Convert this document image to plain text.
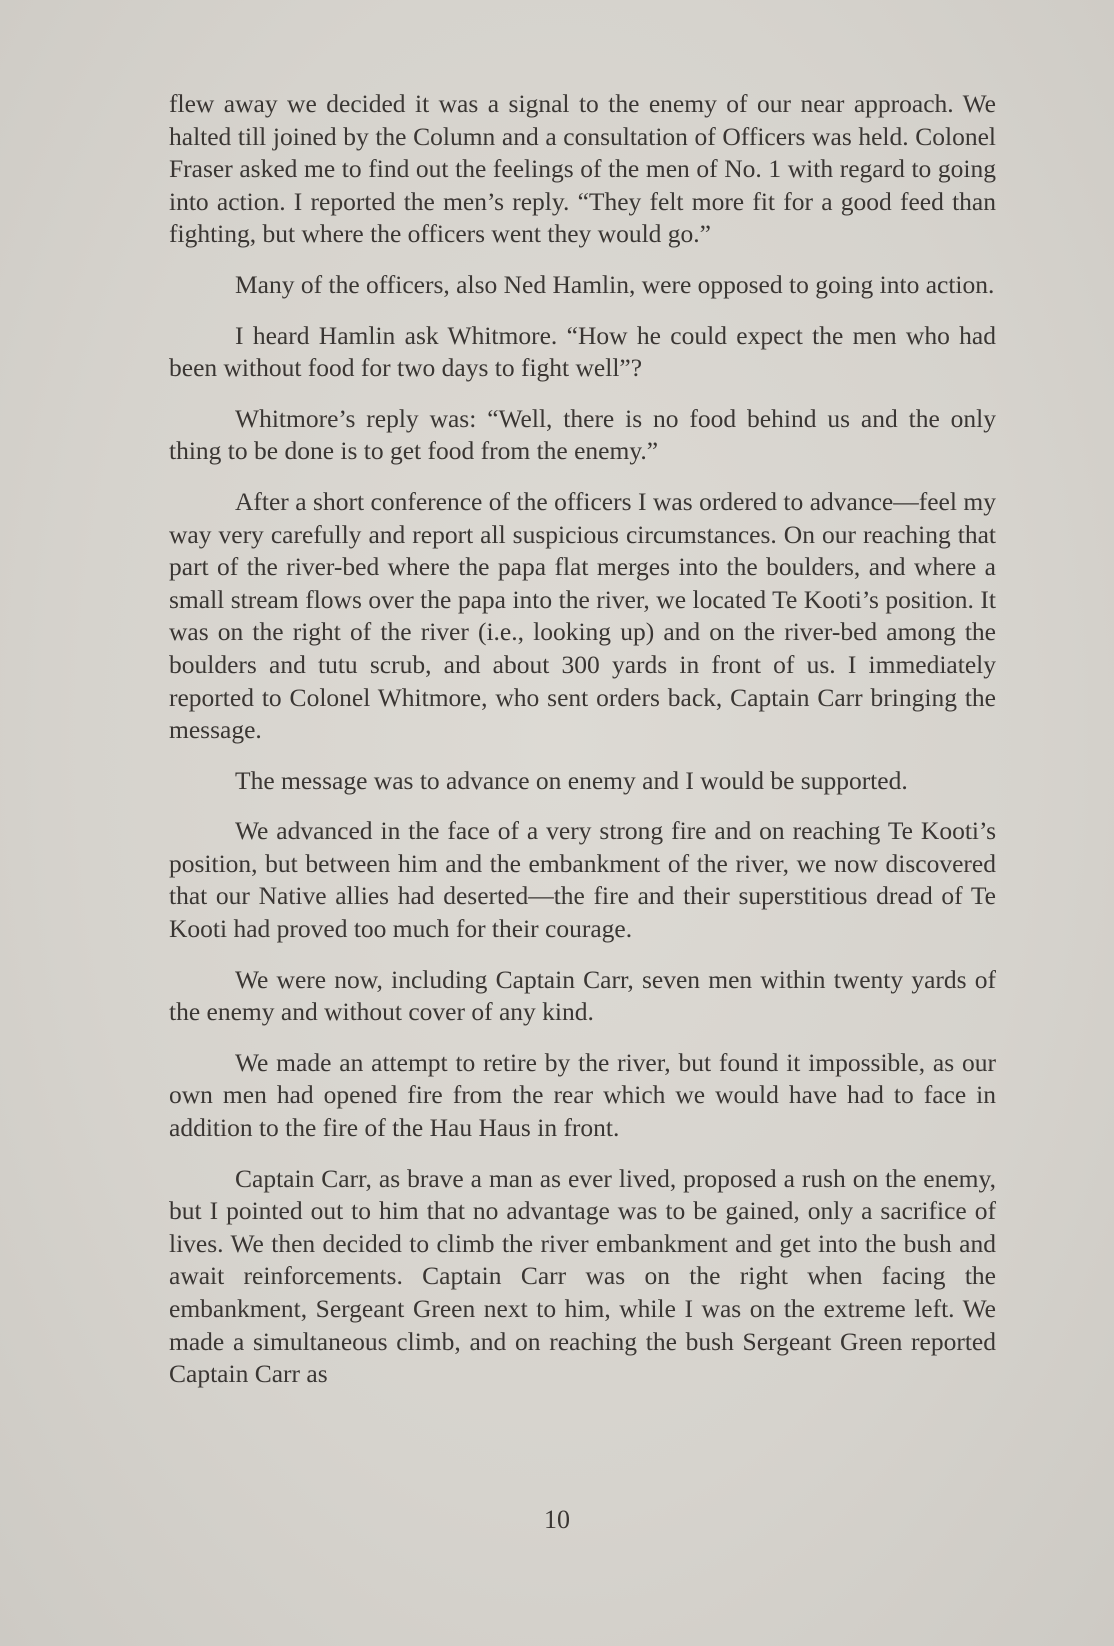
flew away we decided it was a signal to the enemy of our near approach. We halted till joined by the Column and a consultation of Officers was held. Colonel Fraser asked me to find out the feelings of the men of No. 1 with regard to going into action. I reported the men’s reply. “They felt more fit for a good feed than fighting, but where the officers went they would go.”

Many of the officers, also Ned Hamlin, were opposed to going into action.

I heard Hamlin ask Whitmore. “How he could expect the men who had been without food for two days to fight well”?

Whitmore’s reply was: “Well, there is no food behind us and the only thing to be done is to get food from the enemy.”

After a short conference of the officers I was ordered to advance—feel my way very carefully and report all suspicious circumstances. On our reaching that part of the river-bed where the papa flat merges into the boulders, and where a small stream flows over the papa into the river, we located Te Kooti’s position. It was on the right of the river (i.e., looking up) and on the river-bed among the boulders and tutu scrub, and about 300 yards in front of us. I immediately reported to Colonel Whitmore, who sent orders back, Captain Carr bringing the message.

The message was to advance on enemy and I would be supported.

We advanced in the face of a very strong fire and on reaching Te Kooti’s position, but between him and the embankment of the river, we now discovered that our Native allies had deserted—the fire and their superstitious dread of Te Kooti had proved too much for their courage.

We were now, including Captain Carr, seven men within twenty yards of the enemy and without cover of any kind.

We made an attempt to retire by the river, but found it impossible, as our own men had opened fire from the rear which we would have had to face in addition to the fire of the Hau Haus in front.

Captain Carr, as brave a man as ever lived, proposed a rush on the enemy, but I pointed out to him that no advantage was to be gained, only a sacrifice of lives. We then decided to climb the river embankment and get into the bush and await reinforcements. Captain Carr was on the right when facing the embankment, Sergeant Green next to him, while I was on the extreme left. We made a simultaneous climb, and on reaching the bush Sergeant Green reported Captain Carr as

10
